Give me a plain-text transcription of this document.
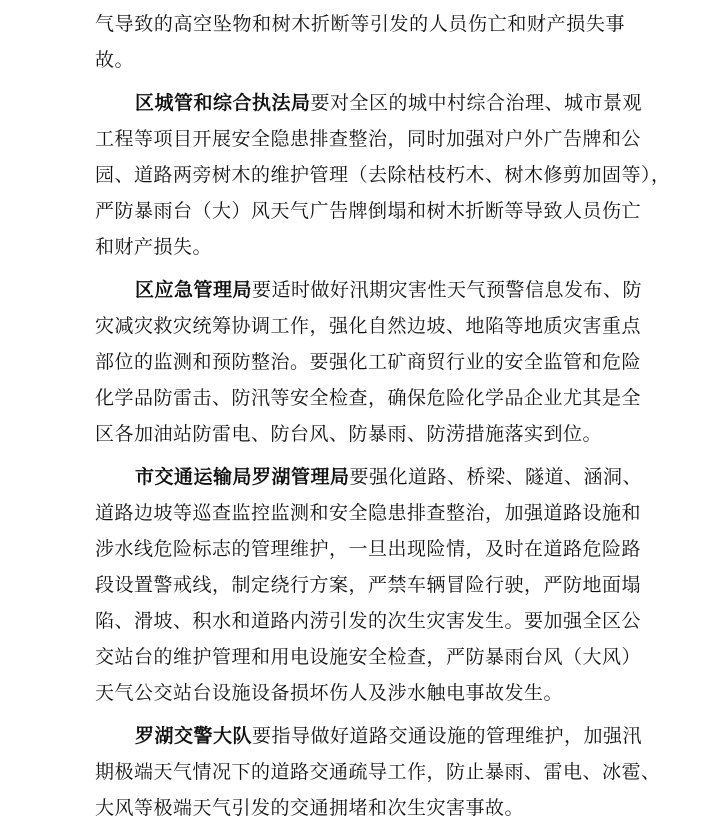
气导致的高空坠物和树木折断等引发的人员伤亡和财产损失事
故。
区城管和综合执法局要对全区的城中村综合治理、城市景观
工程等项目开展安全隐患排查整治，同时加强对户外广告牌和公
园、道路两旁树木的维护管理（去除枯枝朽木、树木修剪加固等），
严防暴雨台（大）风天气广告牌倒塌和树木折断等导致人员伤亡
和财产损失。
区应急管理局要适时做好汛期灾害性天气预警信息发布、防
灾减灾救灾统筹协调工作，强化自然边坡、地陷等地质灾害重点
部位的监测和预防整治。要强化工矿商贸行业的安全监管和危险
化学品防雷击、防汛等安全检查，确保危险化学品企业尤其是全
区各加油站防雷电、防台风、防暴雨、防涝措施落实到位。
市交通运输局罗湖管理局要强化道路、桥梁、隧道、涵洞、
道路边坡等巡查监控监测和安全隐患排查整治，加强道路设施和
涉水线危险标志的管理维护，一旦出现险情，及时在道路危险路
段设置警戒线，制定绕行方案，严禁车辆冒险行驶，严防地面塌
陷、滑坡、积水和道路内涝引发的次生灾害发生。要加强全区公
交站台的维护管理和用电设施安全检查，严防暴雨台风（大风）
天气公交站台设施设备损坏伤人及涉水触电事故发生。
罗湖交警大队要指导做好道路交通设施的管理维护，加强汛
期极端天气情况下的道路交通疏导工作，防止暴雨、雷电、冰雹、
大风等极端天气引发的交通拥堵和次生灾害事故。
